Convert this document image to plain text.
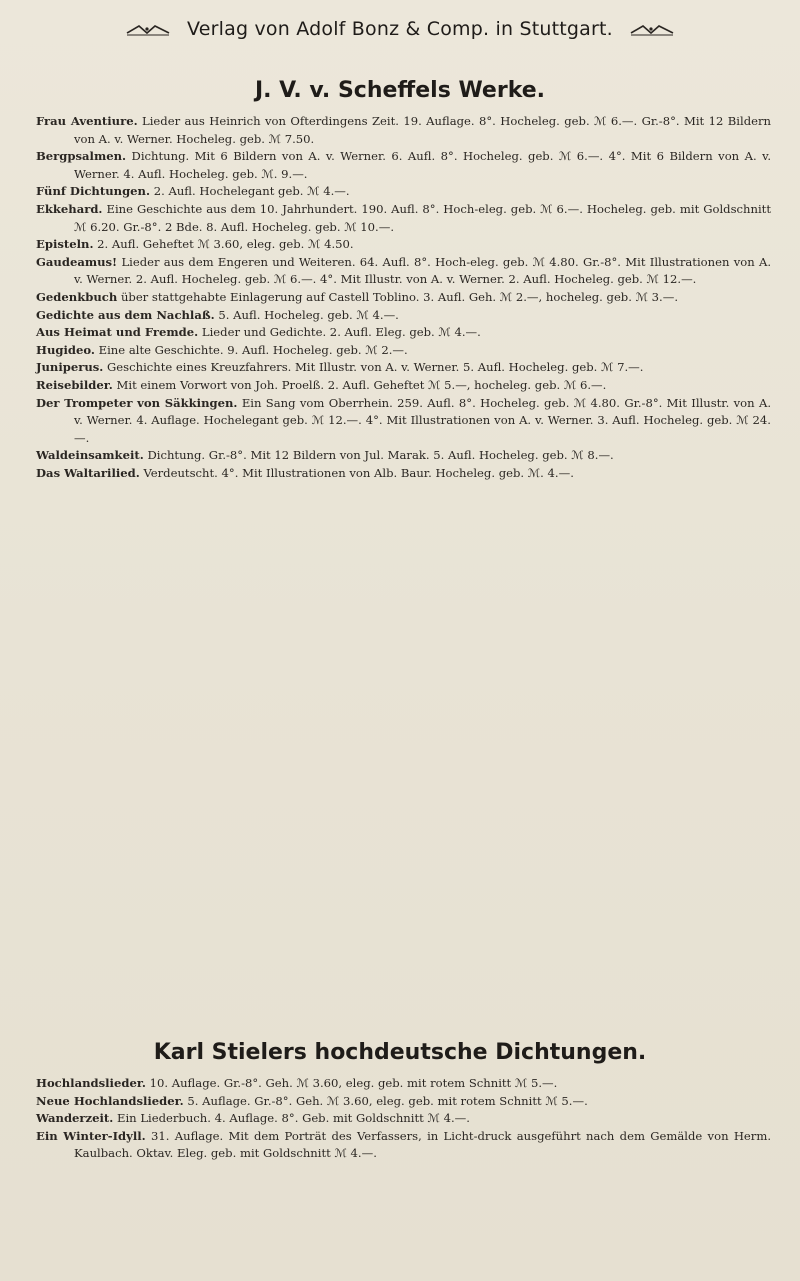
Verlag von Adolf Bonz & Comp. in Stuttgart.
J. V. v. Scheffels Werke.
Frau Aventiure. Lieder aus Heinrich von Ofterdingens Zeit. 19. Auflage. 8°. Hocheleg. geb. ℳ 6.—. Gr.-8°. Mit 12 Bildern von A. v. Werner. Hocheleg. geb. ℳ 7.50.
Bergpsalmen. Dichtung. Mit 6 Bildern von A. v. Werner. 6. Aufl. 8°. Hocheleg. geb. ℳ 6.—. 4°. Mit 6 Bildern von A. v. Werner. 4. Aufl. Hocheleg. geb. ℳ. 9.—.
Fünf Dichtungen. 2. Aufl. Hochelegant geb. ℳ 4.—.
Ekkehard. Eine Geschichte aus dem 10. Jahrhundert. 190. Aufl. 8°. Hoch-eleg. geb. ℳ 6.—. Hocheleg. geb. mit Goldschnitt ℳ 6.20. Gr.-8°. 2 Bde. 8. Aufl. Hocheleg. geb. ℳ 10.—.
Episteln. 2. Aufl. Geheftet ℳ 3.60, eleg. geb. ℳ 4.50.
Gaudeamus! Lieder aus dem Engeren und Weiteren. 64. Aufl. 8°. Hoch-eleg. geb. ℳ 4.80. Gr.-8°. Mit Illustrationen von A. v. Werner. 2. Aufl. Hocheleg. geb. ℳ 6.—. 4°. Mit Illustr. von A. v. Werner. 2. Aufl. Hocheleg. geb. ℳ 12.—.
Gedenkbuch über stattgehabte Einlagerung auf Castell Toblino. 3. Aufl. Geh. ℳ 2.—, hocheleg. geb. ℳ 3.—.
Gedichte aus dem Nachlaß. 5. Aufl. Hocheleg. geb. ℳ 4.—.
Aus Heimat und Fremde. Lieder und Gedichte. 2. Aufl. Eleg. geb. ℳ 4.—.
Hugideo. Eine alte Geschichte. 9. Aufl. Hocheleg. geb. ℳ 2.—.
Juniperus. Geschichte eines Kreuzfahrers. Mit Illustr. von A. v. Werner. 5. Aufl. Hocheleg. geb. ℳ 7.—.
Reisebilder. Mit einem Vorwort von Joh. Proelß. 2. Aufl. Geheftet ℳ 5.—, hocheleg. geb. ℳ 6.—.
Der Trompeter von Säkkingen. Ein Sang vom Oberrhein. 259. Aufl. 8°. Hocheleg. geb. ℳ 4.80. Gr.-8°. Mit Illustr. von A. v. Werner. 4. Auflage. Hochelegant geb. ℳ 12.—. 4°. Mit Illustrationen von A. v. Werner. 3. Aufl. Hocheleg. geb. ℳ 24.—.
Waldeinsamkeit. Dichtung. Gr.-8°. Mit 12 Bildern von Jul. Marak. 5. Aufl. Hocheleg. geb. ℳ 8.—.
Das Waltarilied. Verdeutscht. 4°. Mit Illustrationen von Alb. Baur. Hocheleg. geb. ℳ. 4.—.
Karl Stielers hochdeutsche Dichtungen.
Hochlandslieder. 10. Auflage. Gr.-8°. Geh. ℳ 3.60, eleg. geb. mit rotem Schnitt ℳ 5.—.
Neue Hochlandslieder. 5. Auflage. Gr.-8°. Geh. ℳ 3.60, eleg. geb. mit rotem Schnitt ℳ 5.—.
Wanderzeit. Ein Liederbuch. 4. Auflage. 8°. Geb. mit Goldschnitt ℳ 4.—.
Ein Winter-Idyll. 31. Auflage. Mit dem Porträt des Verfassers, in Licht-druck ausgeführt nach dem Gemälde von Herm. Kaulbach. Oktav. Eleg. geb. mit Goldschnitt ℳ 4.—.
